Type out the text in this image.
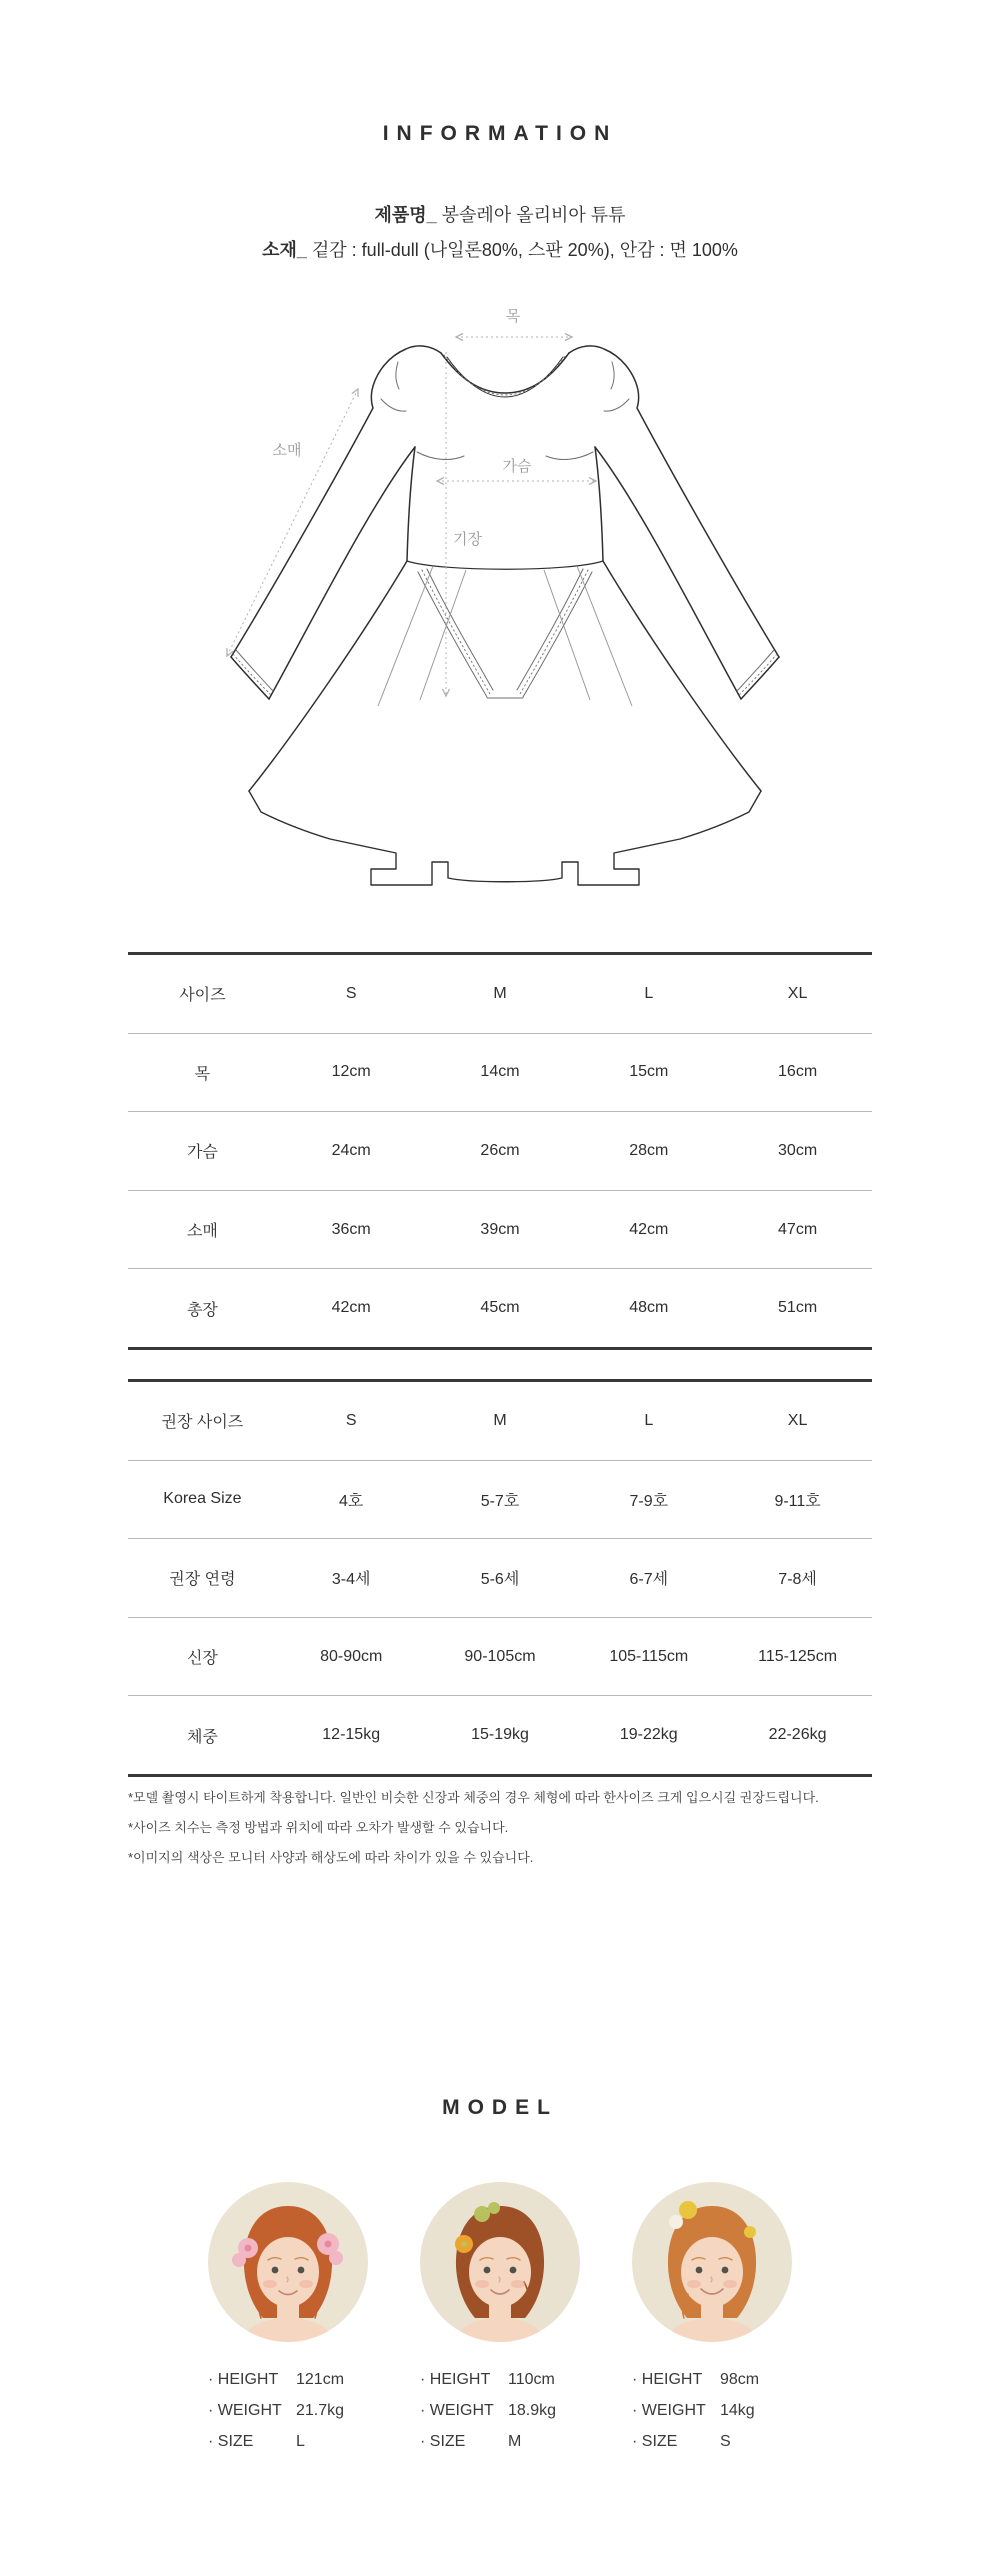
INFORMATION
제품명_ 봉솔레아 올리비아 튜튜
소재_ 겉감 : full-dull (나일론80%, 스판 20%), 안감 : 면 100%
목
소매
가슴
기장
사이즈	S	M	L	XL
목	12cm	14cm	15cm	16cm
가슴	24cm	26cm	28cm	30cm
소매	36cm	39cm	42cm	47cm
총장	42cm	45cm	48cm	51cm
권장 사이즈	S	M	L	XL
Korea Size	4호	5-7호	7-9호	9-11호
권장 연령	3-4세	5-6세	6-7세	7-8세
신장	80-90cm	90-105cm	105-115cm	115-125cm
체중	12-15kg	15-19kg	19-22kg	22-26kg
*모델 촬영시 타이트하게 착용합니다. 일반인 비슷한 신장과 체중의 경우 체형에 따라 한사이즈 크게 입으시길 권장드립니다.
*사이즈 치수는 측정 방법과 위치에 따라 오차가 발생할 수 있습니다.
*이미지의 색상은 모니터 사양과 해상도에 따라 차이가 있을 수 있습니다.
MODEL
· HEIGHT	121cm
· WEIGHT 21.7kg
· SIZE	L
· HEIGHT	110cm
· WEIGHT 18.9kg
· SIZE	M
· HEIGHT	98cm
· WEIGHT 14kg
· SIZE	S
